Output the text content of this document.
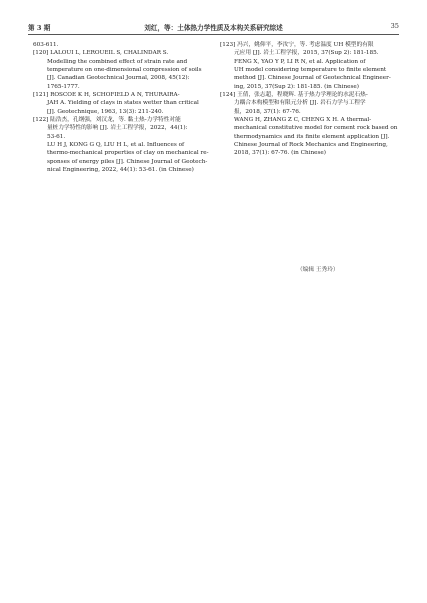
第 3 期	刘红，等：土体热力学性质及本构关系研究综述	35
603-611.
[120] LALOUI L, LEROUEIL S, CHALINDAR S.
Modelling the combined effect of strain rate and
temperature on one-dimensional compression of soils
[J]. Canadian Geotechnical Journal, 2008, 45(12):
1765-1777.
[121] ROSCOE K H, SCHOFIELD A N, THURAIRA-
JAH A. Yielding of clays in states wetter than critical
[J]. Geotechnique, 1963, 13(3): 211-240.
[122] 陆浩杰，孔纲强，刘汉龙，等. 黏土热-力学特性对能
量桩力学特性的影响 [J]. 岩土工程学报，2022，44(1):
53-61.
LU H J, KONG G Q, LIU H L, et al. Influences of
thermo-mechanical properties of clay on mechanical re-
sponses of energy piles [J]. Chinese Journal of Geotech-
nical Engineering, 2022, 44(1): 53-61. (in Chinese)
[123] 冯兴，姚仰平，李汝宁，等. 考虑温度 UH 模型的有限
元应用 [J]. 岩土工程学报，2015, 37(Sup 2): 181-185.
FENG X, YAO Y P, LI R N, et al. Application of
UH model considering temperature to finite element
method [J]. Chinese Journal of Geotechnical Engineer-
ing, 2015, 37(Sup 2): 181-185. (in Chinese)
[124] 王倩，张志超，程晓辉. 基于热力学理论的水泥石热-
力耦合本构模型和有限元分析 [J]. 岩石力学与工程学
报，2018, 37(1): 67-76.
WANG H, ZHANG Z C, CHENG X H. A thermal-
mechanical constitutive model for cement rock based on
thermodynamics and its finite element application [J].
Chinese Journal of Rock Mechanics and Engineering,
2018, 37(1): 67-76. (in Chinese)
（编辑 王秀玲）
